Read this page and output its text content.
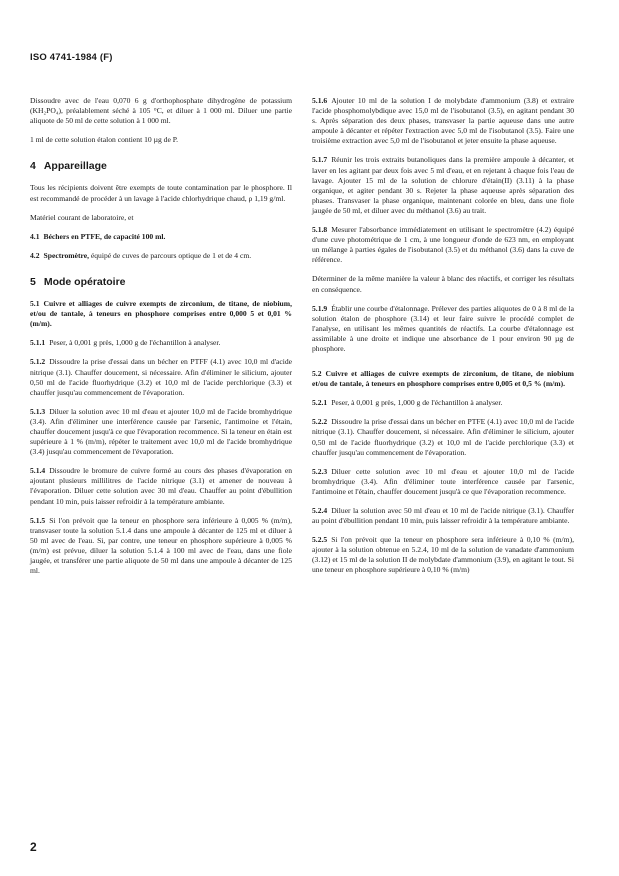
ISO 4741-1984 (F)

Dissoudre avec de l'eau 0,070 6 g d'orthophosphate dihydrogène de potassium (KH₂PO₄), préalablement séché à 105 °C, et diluer à 1 000 ml. Diluer une partie aliquote de 50 ml de cette solution à 1 000 ml.

1 ml de cette solution étalon contient 10 µg de P.

4 Appareillage

Tous les récipients doivent être exempts de toute contamination par le phosphore. Il est recommandé de procéder à un lavage à l'acide chlorhydrique chaud, ρ 1,19 g/ml.

Matériel courant de laboratoire, et

4.1 Béchers en PTFE, de capacité 100 ml.

4.2 Spectromètre, équipé de cuves de parcours optique de 1 et de 4 cm.

5 Mode opératoire

5.1 Cuivre et alliages de cuivre exempts de zirconium, de titane, de niobium, et/ou de tantale, à teneurs en phosphore comprises entre 0,000 5 et 0,01 % (m/m).

5.1.1 Peser, à 0,001 g près, 1,000 g de l'échantillon à analyser.

5.1.2 Dissoudre la prise d'essai dans un bécher en PTFF (4.1) avec 10,0 ml d'acide nitrique (3.1). Chauffer doucement, si nécessaire. Afin d'éliminer le silicium, ajouter 0,50 ml de l'acide fluorhydrique (3.2) et 10,0 ml de l'acide perchlorique (3.3) et chauffer jusqu'au commencement de l'évaporation.

5.1.3 Diluer la solution avec 10 ml d'eau et ajouter 10,0 ml de l'acide bromhydrique (3.4). Afin d'éliminer une interférence causée par l'arsenic, l'antimoine et l'étain, chauffer doucement jusqu'à ce que l'évaporation recommence. Si la teneur en étain est supérieure à 1 % (m/m), répéter le traitement avec 10,0 ml de l'acide bromhydrique (3.4) jusqu'au commencement de l'évaporation.

5.1.4 Dissoudre le bromure de cuivre formé au cours des phases d'évaporation en ajoutant plusieurs millilitres de l'acide nitrique (3.1) et amener de nouveau à l'évaporation. Diluer cette solution avec 30 ml d'eau. Chauffer au point d'ébullition pendant 10 min, puis laisser refroidir à la température ambiante.

5.1.5 Si l'on prévoit que la teneur en phosphore sera inférieure à 0,005 % (m/m), transvaser toute la solution 5.1.4 dans une ampoule à décanter de 125 ml et diluer à 50 ml avec de l'eau. Si, par contre, une teneur en phosphore supérieure à 0,005 % (m/m) est prévue, diluer la solution 5.1.4 à 100 ml avec de l'eau, dans une fiole jaugée, et transférer une partie aliquote de 50 ml dans une ampoule à décanter de 125 ml.

5.1.6 Ajouter 10 ml de la solution I de molybdate d'ammonium (3.8) et extraire l'acide phosphomolybdique avec 15,0 ml de l'isobutanol (3.5), en agitant pendant 30 s. Après séparation des deux phases, transvaser la partie aqueuse dans une autre ampoule à décanter et répéter l'extraction avec 5,0 ml de l'isobutanol (3.5). Faire une troisième extraction avec 5,0 ml de l'isobutanol et jeter ensuite la phase aqueuse.

5.1.7 Réunir les trois extraits butanoliques dans la première ampoule à décanter, et laver en les agitant par deux fois avec 5 ml d'eau, et en rejetant à chaque fois l'eau de lavage. Ajouter 15 ml de la solution de chlorure d'étain(II) (3.11) à la phase organique, et agiter pendant 30 s. Rejeter la phase aqueuse après séparation des phases. Transvaser la phase organique, maintenant colorée en bleu, dans une fiole jaugée de 50 ml, et diluer avec du méthanol (3.6) au trait.

5.1.8 Mesurer l'absorbance immédiatement en utilisant le spectromètre (4.2) équipé d'une cuve photométrique de 1 cm, à une longueur d'onde de 623 nm, en employant un mélange à parties égales de l'isobutanol (3.5) et du méthanol (3.6) dans la cuve de référence.

Déterminer de la même manière la valeur à blanc des réactifs, et corriger les résultats en conséquence.

5.1.9 Établir une courbe d'étalonnage. Prélever des parties aliquotes de 0 à 8 ml de la solution étalon de phosphore (3.14) et leur faire suivre le procédé complet de l'analyse, en utilisant les mêmes quantités de réactifs. La courbe d'étalonnage est assimilable à une droite et indique une absorbance de 1 pour environ 90 µg de phosphore.

5.2 Cuivre et alliages de cuivre exempts de zirconium, de titane, de niobium et/ou de tantale, à teneurs en phosphore comprises entre 0,005 et 0,5 % (m/m).

5.2.1 Peser, à 0,001 g près, 1,000 g de l'échantillon à analyser.

5.2.2 Dissoudre la prise d'essai dans un bécher en PTFE (4.1) avec 10,0 ml de l'acide nitrique (3.1). Chauffer doucement, si nécessaire. Afin d'éliminer le silicium, ajouter 0,50 ml de l'acide fluorhydrique (3.2) et 10,0 ml de l'acide perchlorique (3.3) et chauffer jusqu'au commencement de l'évaporation.

5.2.3 Diluer cette solution avec 10 ml d'eau et ajouter 10,0 ml de l'acide bromhydrique (3.4). Afin d'éliminer toute interférence causée par l'arsenic, l'antimoine et l'étain, chauffer doucement jusqu'à ce que l'évaporation recommence.

5.2.4 Diluer la solution avec 50 ml d'eau et 10 ml de l'acide nitrique (3.1). Chauffer au point d'ébullition pendant 10 min, puis laisser refroidir à la température ambiante.

5.2.5 Si l'on prévoit que la teneur en phosphore sera inférieure à 0,10 % (m/m), ajouter à la solution obtenue en 5.2.4, 10 ml de la solution de vanadate d'ammonium (3.12) et 15 ml de la solution II de molybdate d'ammonium (3.9), en agitant le tout. Si une teneur en phosphore supérieure à 0,10 % (m/m)

2
